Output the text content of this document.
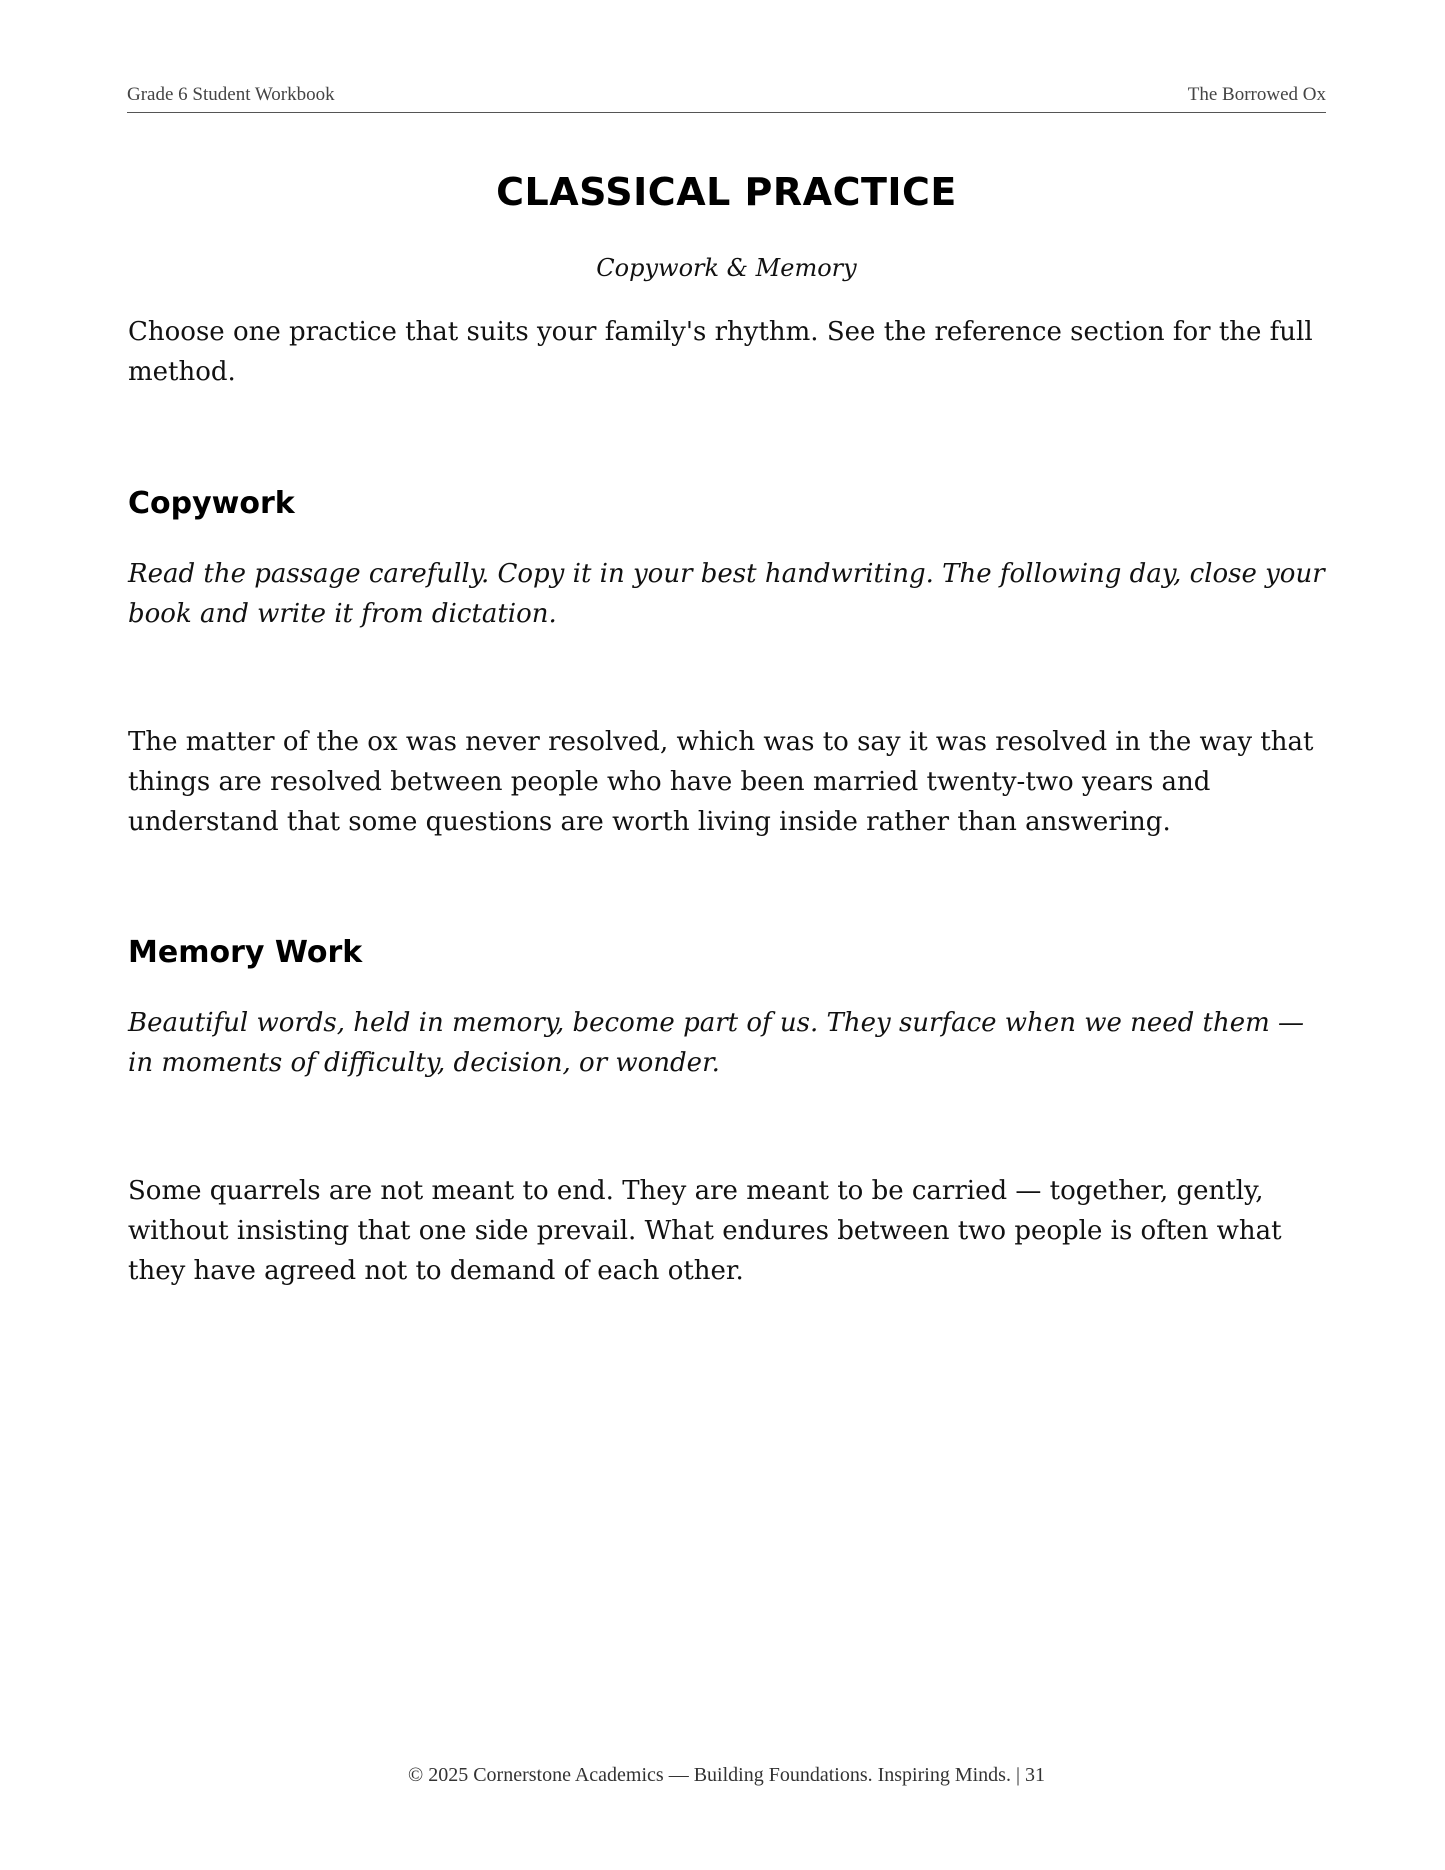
Grade 6 Student Workbook	The Borrowed Ox
CLASSICAL PRACTICE
Copywork & Memory

Choose one practice that suits your family's rhythm. See the reference section for the full method.

Copywork

Read the passage carefully. Copy it in your best handwriting. The following day, close your book and write it from dictation.

The matter of the ox was never resolved, which was to say it was resolved in the way that things are resolved between people who have been married twenty-two years and understand that some questions are worth living inside rather than answering.

Memory Work

Beautiful words, held in memory, become part of us. They surface when we need them — in moments of difficulty, decision, or wonder.

Some quarrels are not meant to end. They are meant to be carried — together, gently, without insisting that one side prevail. What endures between two people is often what they have agreed not to demand of each other.

© 2025 Cornerstone Academics — Building Foundations. Inspiring Minds. | 31
